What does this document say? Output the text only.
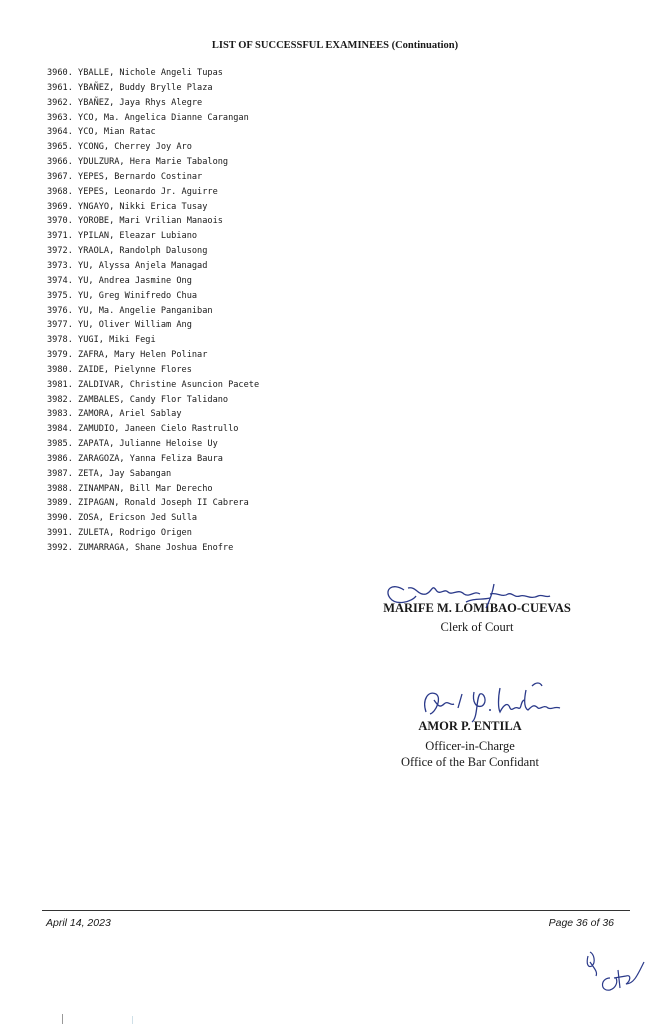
LIST OF SUCCESSFUL EXAMINEES (Continuation)
3960. YBALLE, Nichole Angeli Tupas
3961. YBAÑEZ, Buddy Brylle Plaza
3962. YBAÑEZ, Jaya Rhys Alegre
3963. YCO, Ma. Angelica Dianne Carangan
3964. YCO, Mian Ratac
3965. YCONG, Cherrey Joy Aro
3966. YDULZURA, Hera Marie Tabalong
3967. YEPES, Bernardo Costinar
3968. YEPES, Leonardo Jr. Aguirre
3969. YNGAYO, Nikki Erica Tusay
3970. YOROBE, Mari Vrilian Manaois
3971. YPILAN, Eleazar Lubiano
3972. YRAOLA, Randolph Dalusong
3973. YU, Alyssa Anjela Managad
3974. YU, Andrea Jasmine Ong
3975. YU, Greg Winifredo Chua
3976. YU, Ma. Angelie Panganiban
3977. YU, Oliver William Ang
3978. YUGI, Miki Fegi
3979. ZAFRA, Mary Helen Polinar
3980. ZAIDE, Pielynne Flores
3981. ZALDIVAR, Christine Asuncion Pacete
3982. ZAMBALES, Candy Flor Talidano
3983. ZAMORA, Ariel Sablay
3984. ZAMUDIO, Janeen Cielo Rastrullo
3985. ZAPATA, Julianne Heloise Uy
3986. ZARAGOZA, Yanna Feliza Baura
3987. ZETA, Jay Sabangan
3988. ZINAMPAN, Bill Mar Derecho
3989. ZIPAGAN, Ronald Joseph II Cabrera
3990. ZOSA, Ericson Jed Sulla
3991. ZULETA, Rodrigo Origen
3992. ZUMARRAGA, Shane Joshua Enofre
MARIFE M. LOMIBAO-CUEVAS
Clerk of Court
AMOR P. ENTILA
Officer-in-Charge
Office of the Bar Confidant
April 14, 2023	Page 36 of 36
